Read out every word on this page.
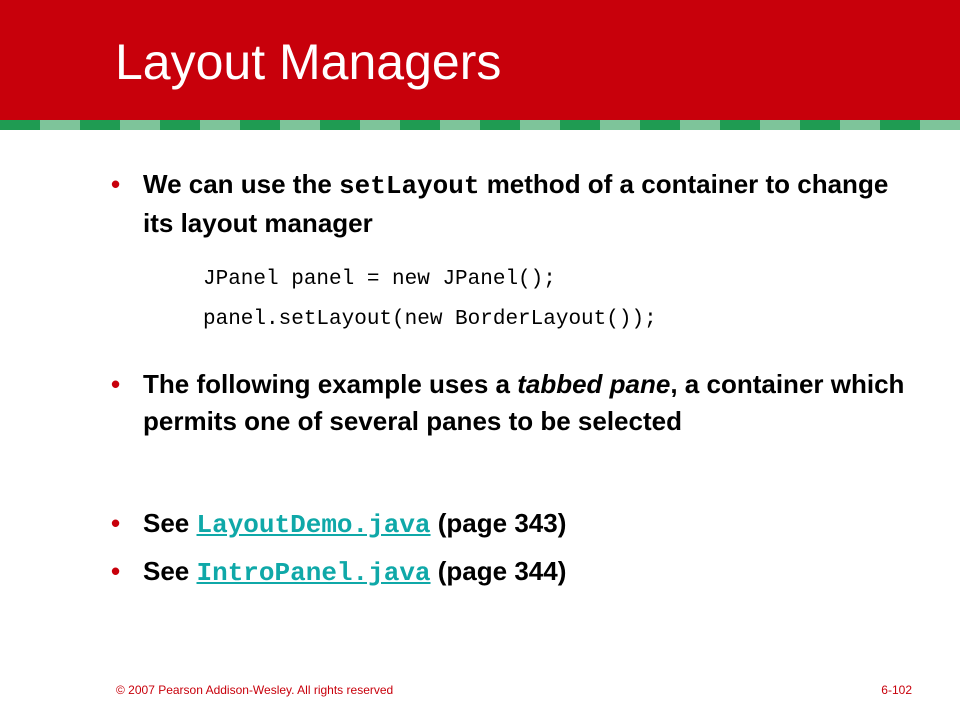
Layout Managers
• We can use the setLayout method of a container to change its layout manager
JPanel panel = new JPanel();
panel.setLayout(new BorderLayout());
• The following example uses a tabbed pane, a container which permits one of several panes to be selected
• See LayoutDemo.java (page 343)
• See IntroPanel.java (page 344)
© 2007 Pearson Addison-Wesley. All rights reserved	6-102
